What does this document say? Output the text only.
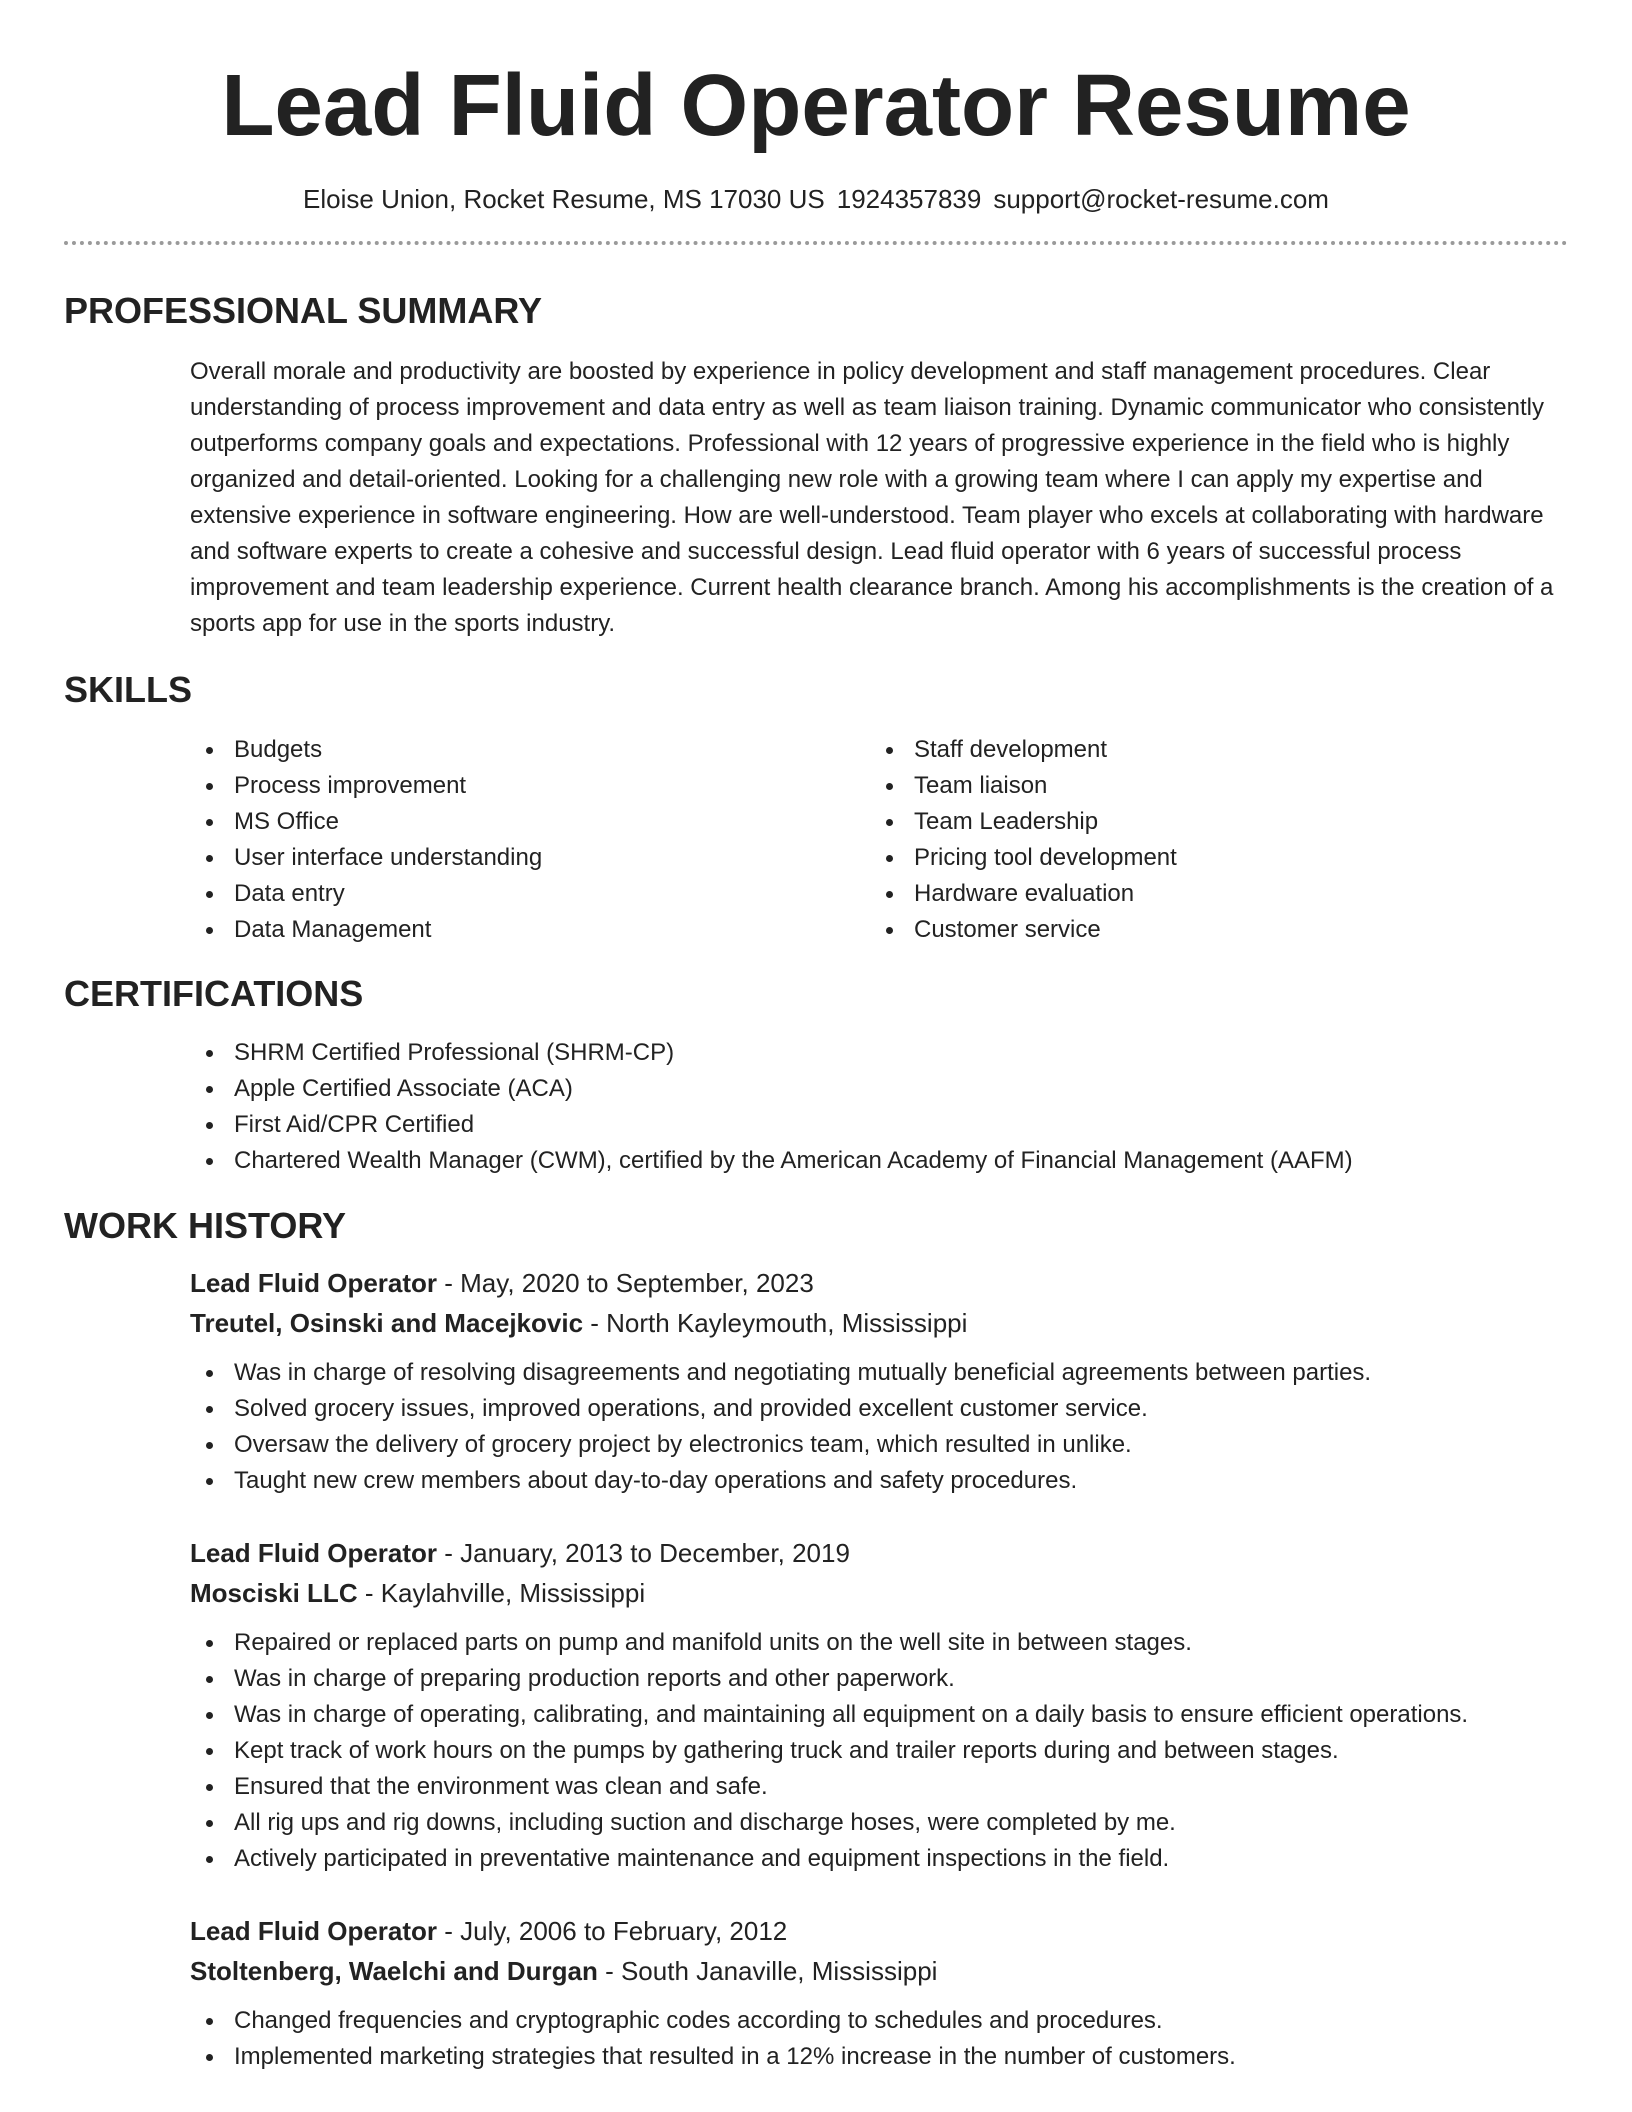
Lead Fluid Operator Resume
Eloise Union, Rocket Resume, MS 17030 US 1924357839 support@rocket-resume.com
PROFESSIONAL SUMMARY

Overall morale and productivity are boosted by experience in policy development and staff management procedures. Clear understanding of process improvement and data entry as well as team liaison training. Dynamic communicator who consistently outperforms company goals and expectations. Professional with 12 years of progressive experience in the field who is highly organized and detail-oriented. Looking for a challenging new role with a growing team where I can apply my expertise and extensive experience in software engineering. How are well-understood. Team player who excels at collaborating with hardware and software experts to create a cohesive and successful design. Lead fluid operator with 6 years of successful process improvement and team leadership experience. Current health clearance branch. Among his accomplishments is the creation of a sports app for use in the sports industry.

SKILLS
Budgets
Process improvement
MS Office
User interface understanding
Data entry
Data Management
Staff development
Team liaison
Team Leadership
Pricing tool development
Hardware evaluation
Customer service
CERTIFICATIONS
SHRM Certified Professional (SHRM-CP)
Apple Certified Associate (ACA)
First Aid/CPR Certified
Chartered Wealth Manager (CWM), certified by the American Academy of Financial Management (AAFM)
WORK HISTORY
Lead Fluid Operator - May, 2020 to September, 2023
Treutel, Osinski and Macejkovic - North Kayleymouth, Mississippi
Was in charge of resolving disagreements and negotiating mutually beneficial agreements between parties.
Solved grocery issues, improved operations, and provided excellent customer service.
Oversaw the delivery of grocery project by electronics team, which resulted in unlike.
Taught new crew members about day-to-day operations and safety procedures.
Lead Fluid Operator - January, 2013 to December, 2019
Mosciski LLC - Kaylahville, Mississippi
Repaired or replaced parts on pump and manifold units on the well site in between stages.
Was in charge of preparing production reports and other paperwork.
Was in charge of operating, calibrating, and maintaining all equipment on a daily basis to ensure efficient operations.
Kept track of work hours on the pumps by gathering truck and trailer reports during and between stages.
Ensured that the environment was clean and safe.
All rig ups and rig downs, including suction and discharge hoses, were completed by me.
Actively participated in preventative maintenance and equipment inspections in the field.
Lead Fluid Operator - July, 2006 to February, 2012
Stoltenberg, Waelchi and Durgan - South Janaville, Mississippi
Changed frequencies and cryptographic codes according to schedules and procedures.
Implemented marketing strategies that resulted in a 12% increase in the number of customers.
